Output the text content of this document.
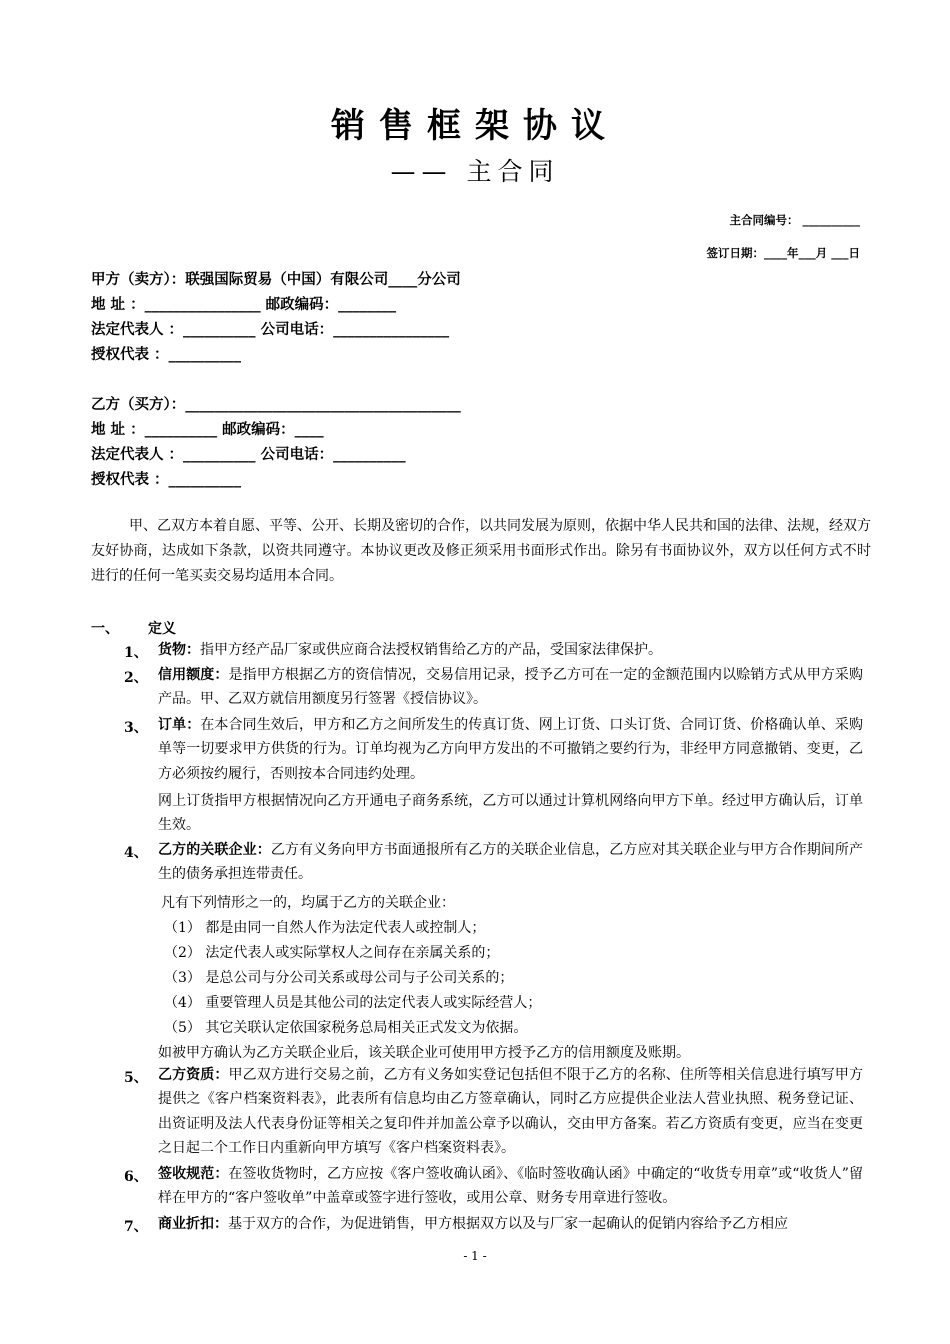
销售框架协议
—— 主合同
主合同编号： __________
签订日期：____年___月 ___日
甲方（卖方）：联强国际贸易（中国）有限公司____分公司
地 址 ：________________ 邮政编码：________
法定代表人 ：__________ 公司电话：________________
授权代表 ：__________
乙方（买方）：______________________________________
地 址 ：__________ 邮政编码：____
法定代表人 ：__________ 公司电话：__________
授权代表 ：__________

甲、乙双方本着自愿、平等、公开、长期及密切的合作，以共同发展为原则，依据中华人民共和国的法律、法规，经双方友好协商，达成如下条款，以资共同遵守。本协议更改及修正须采用书面形式作出。除另有书面协议外，双方以任何方式不时进行的任何一笔买卖交易均适用本合同。

一、 定义
1、 货物：指甲方经产品厂家或供应商合法授权销售给乙方的产品，受国家法律保护。
2、 信用额度：是指甲方根据乙方的资信情况，交易信用记录，授予乙方可在一定的金额范围内以赊销方式从甲方采购产品。甲、乙双方就信用额度另行签署《授信协议》。
3、 订单：在本合同生效后，甲方和乙方之间所发生的传真订货、网上订货、口头订货、合同订货、价格确认单、采购单等一切要求甲方供货的行为。订单均视为乙方向甲方发出的不可撤销之要约行为，非经甲方同意撤销、变更，乙方必须按约履行，否则按本合同违约处理。
网上订货指甲方根据情况向乙方开通电子商务系统，乙方可以通过计算机网络向甲方下单。经过甲方确认后，订单生效。
4、 乙方的关联企业：乙方有义务向甲方书面通报所有乙方的关联企业信息，乙方应对其关联企业与甲方合作期间所产生的债务承担连带责任。
凡有下列情形之一的，均属于乙方的关联企业：
（1） 都是由同一自然人作为法定代表人或控制人；
（2） 法定代表人或实际掌权人之间存在亲属关系的；
（3） 是总公司与分公司关系或母公司与子公司关系的；
（4） 重要管理人员是其他公司的法定代表人或实际经营人；
（5） 其它关联认定依国家税务总局相关正式发文为依据。
如被甲方确认为乙方关联企业后，该关联企业可使用甲方授予乙方的信用额度及账期。
5、 乙方资质：甲乙双方进行交易之前，乙方有义务如实登记包括但不限于乙方的名称、住所等相关信息进行填写甲方提供之《客户档案资料表》，此表所有信息均由乙方签章确认，同时乙方应提供企业法人营业执照、税务登记证、出资证明及法人代表身份证等相关之复印件并加盖公章予以确认，交由甲方备案。若乙方资质有变更，应当在变更之日起二个工作日内重新向甲方填写《客户档案资料表》。
6、 签收规范：在签收货物时，乙方应按《客户签收确认函》、《临时签收确认函》中确定的“收货专用章”或“收货人”留样在甲方的“客户签收单”中盖章或签字进行签收，或用公章、财务专用章进行签收。
7、 商业折扣：基于双方的合作，为促进销售，甲方根据双方以及与厂家一起确认的促销内容给予乙方相应
- 1 -
